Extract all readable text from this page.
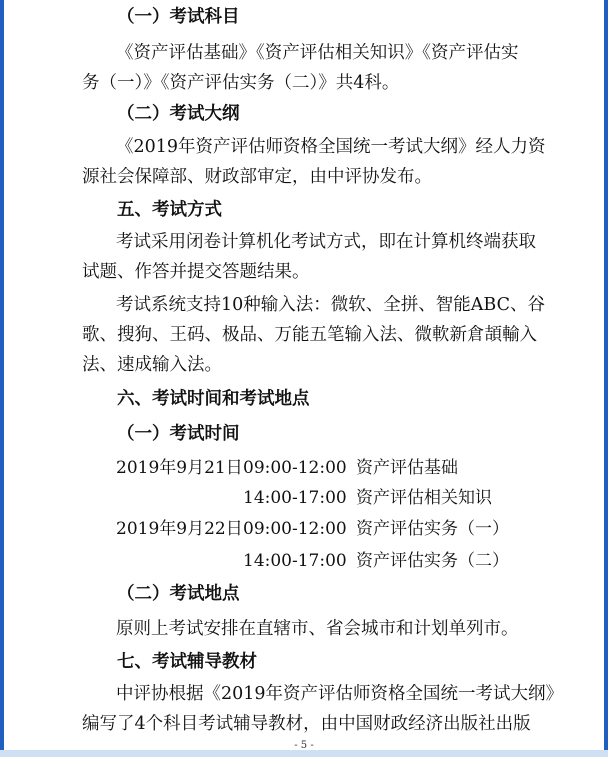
（一）考试科目
《资产评估基础》《资产评估相关知识》《资产评估实
务（一）》《资产评估实务（二）》共4科。
（二）考试大纲
《2019年资产评估师资格全国统一考试大纲》经人力资
源社会保障部、财政部审定，由中评协发布。
五、考试方式
考试采用闭卷计算机化考试方式，即在计算机终端获取
试题、作答并提交答题结果。
考试系统支持10种输入法：微软、全拼、智能ABC、谷
歌、搜狗、王码、极品、万能五笔输入法、微軟新倉頡輸入
法、速成输入法。
六、考试时间和考试地点
（一）考试时间
2019年9月21日 09:00-12:00 资产评估基础
14:00-17:00 资产评估相关知识
2019年9月22日 09:00-12:00 资产评估实务（一）
14:00-17:00 资产评估实务（二）
（二）考试地点
原则上考试安排在直辖市、省会城市和计划单列市。
七、考试辅导教材
中评协根据《2019年资产评估师资格全国统一考试大纲》
编写了4个科目考试辅导教材，由中国财政经济出版社出版
- 5 -
